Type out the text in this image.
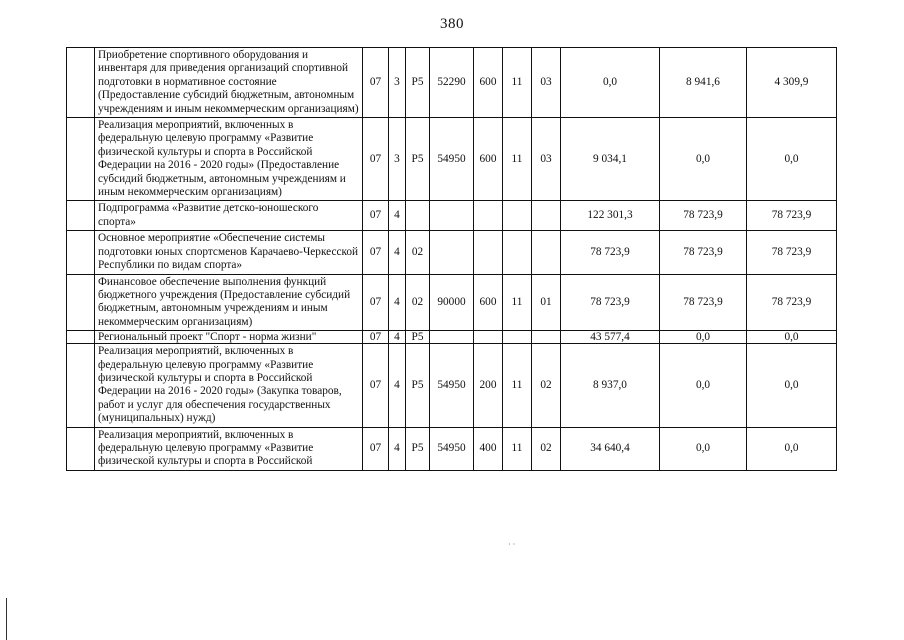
380
	Приобретение спортивного оборудования и инвентаря для приведения организаций спортивной подготовки в нормативное состояние (Предоставление субсидий бюджетным, автономным учреждениям и иным некоммерческим организациям)	07	3	P5	52290	600	11	03	0,0	8 941,6	4 309,9
	Реализация мероприятий, включенных в федеральную целевую программу «Развитие физической культуры и спорта в Российской Федерации на 2016 - 2020 годы» (Предоставление субсидий бюджетным, автономным учреждениям и иным некоммерческим организациям)	07	3	P5	54950	600	11	03	9 034,1	0,0	0,0
	Подпрограмма «Развитие детско-юношеского спорта»	07	4						122 301,3	78 723,9	78 723,9
	Основное мероприятие «Обеспечение системы подготовки юных спортсменов Карачаево-Черкесской Республики по видам спорта»	07	4	02					78 723,9	78 723,9	78 723,9
	Финансовое обеспечение выполнения функций бюджетного учреждения (Предоставление субсидий бюджетным, автономным учреждениям и иным некоммерческим организациям)	07	4	02	90000	600	11	01	78 723,9	78 723,9	78 723,9
	Региональный проект "Спорт - норма жизни"	07	4	P5					43 577,4	0,0	0,0
	Реализация мероприятий, включенных в федеральную целевую программу «Развитие физической культуры и спорта в Российской Федерации на 2016 - 2020 годы» (Закупка товаров, работ и услуг для обеспечения государственных (муниципальных) нужд)	07	4	P5	54950	200	11	02	8 937,0	0,0	0,0
	Реализация мероприятий, включенных в федеральную целевую программу «Развитие физической культуры и спорта в Российской	07	4	P5	54950	400	11	02	34 640,4	0,0	0,0
· ·
